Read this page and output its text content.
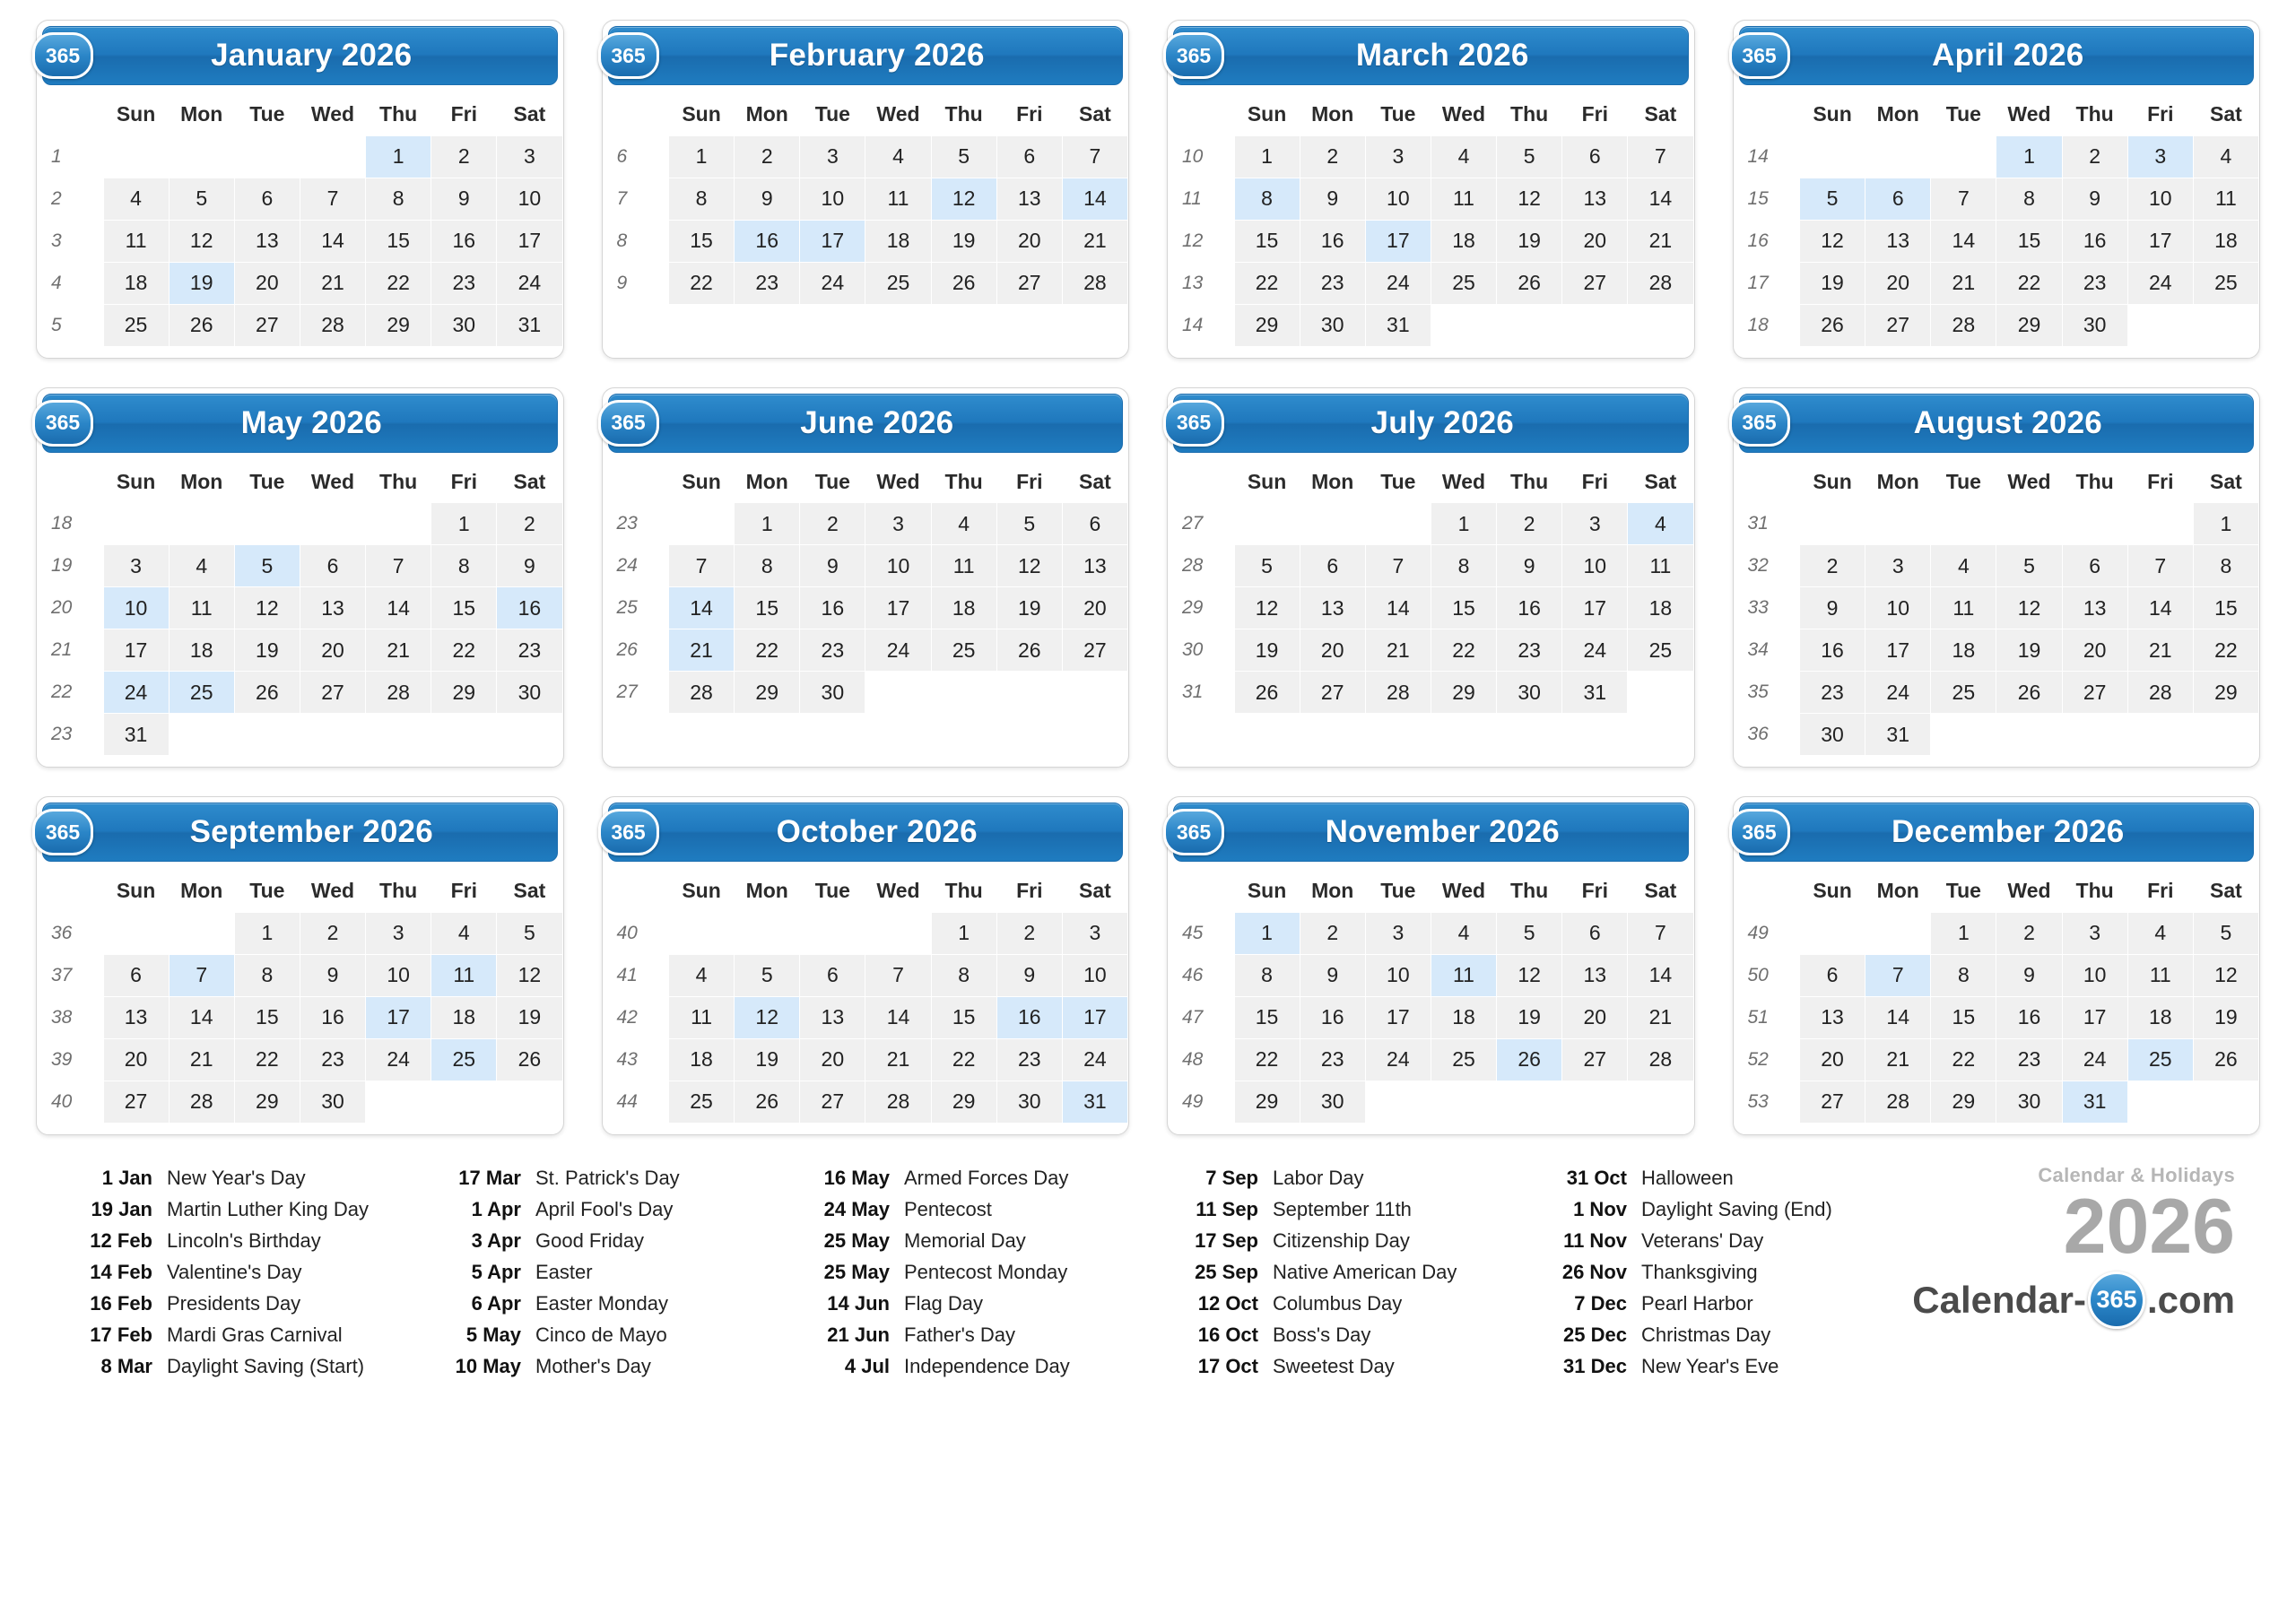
365	January 2026
	Sun	Mon	Tue	Wed	Thu	Fri	Sat
1					1	2	3
2	4	5	6	7	8	9	10
3	11	12	13	14	15	16	17
4	18	19	20	21	22	23	24
5	25	26	27	28	29	30	31
365	February 2026
	Sun	Mon	Tue	Wed	Thu	Fri	Sat
6	1	2	3	4	5	6	7
7	8	9	10	11	12	13	14
8	15	16	17	18	19	20	21
9	22	23	24	25	26	27	28
365	March 2026
	Sun	Mon	Tue	Wed	Thu	Fri	Sat
10	1	2	3	4	5	6	7
11	8	9	10	11	12	13	14
12	15	16	17	18	19	20	21
13	22	23	24	25	26	27	28
14	29	30	31				
365	April 2026
	Sun	Mon	Tue	Wed	Thu	Fri	Sat
14				1	2	3	4
15	5	6	7	8	9	10	11
16	12	13	14	15	16	17	18
17	19	20	21	22	23	24	25
18	26	27	28	29	30		
365	May 2026
	Sun	Mon	Tue	Wed	Thu	Fri	Sat
18						1	2
19	3	4	5	6	7	8	9
20	10	11	12	13	14	15	16
21	17	18	19	20	21	22	23
22	24	25	26	27	28	29	30
23	31						
365	June 2026
	Sun	Mon	Tue	Wed	Thu	Fri	Sat
23		1	2	3	4	5	6
24	7	8	9	10	11	12	13
25	14	15	16	17	18	19	20
26	21	22	23	24	25	26	27
27	28	29	30				
365	July 2026
	Sun	Mon	Tue	Wed	Thu	Fri	Sat
27				1	2	3	4
28	5	6	7	8	9	10	11
29	12	13	14	15	16	17	18
30	19	20	21	22	23	24	25
31	26	27	28	29	30	31	
365	August 2026
	Sun	Mon	Tue	Wed	Thu	Fri	Sat
31							1
32	2	3	4	5	6	7	8
33	9	10	11	12	13	14	15
34	16	17	18	19	20	21	22
35	23	24	25	26	27	28	29
36	30	31					
365	September 2026
	Sun	Mon	Tue	Wed	Thu	Fri	Sat
36			1	2	3	4	5
37	6	7	8	9	10	11	12
38	13	14	15	16	17	18	19
39	20	21	22	23	24	25	26
40	27	28	29	30			
365	October 2026
	Sun	Mon	Tue	Wed	Thu	Fri	Sat
40					1	2	3
41	4	5	6	7	8	9	10
42	11	12	13	14	15	16	17
43	18	19	20	21	22	23	24
44	25	26	27	28	29	30	31
365	November 2026
	Sun	Mon	Tue	Wed	Thu	Fri	Sat
45	1	2	3	4	5	6	7
46	8	9	10	11	12	13	14
47	15	16	17	18	19	20	21
48	22	23	24	25	26	27	28
49	29	30					
365	December 2026
	Sun	Mon	Tue	Wed	Thu	Fri	Sat
49			1	2	3	4	5
50	6	7	8	9	10	11	12
51	13	14	15	16	17	18	19
52	20	21	22	23	24	25	26
53	27	28	29	30	31		
1 Jan New Year's Day
19 Jan Martin Luther King Day
12 Feb Lincoln's Birthday
14 Feb Valentine's Day
16 Feb Presidents Day
17 Feb Mardi Gras Carnival
8 Mar Daylight Saving (Start)
17 Mar St. Patrick's Day
1 Apr April Fool's Day
3 Apr Good Friday
5 Apr Easter
6 Apr Easter Monday
5 May Cinco de Mayo
10 May Mother's Day
16 May Armed Forces Day
24 May Pentecost
25 May Memorial Day
25 May Pentecost Monday
14 Jun Flag Day
21 Jun Father's Day
4 Jul Independence Day
7 Sep Labor Day
11 Sep September 11th
17 Sep Citizenship Day
25 Sep Native American Day
12 Oct Columbus Day
16 Oct Boss's Day
17 Oct Sweetest Day
31 Oct Halloween
1 Nov Daylight Saving (End)
11 Nov Veterans' Day
26 Nov Thanksgiving
7 Dec Pearl Harbor
25 Dec Christmas Day
31 Dec New Year's Eve
Calendar & Holidays
2026
Calendar- 365 .com
